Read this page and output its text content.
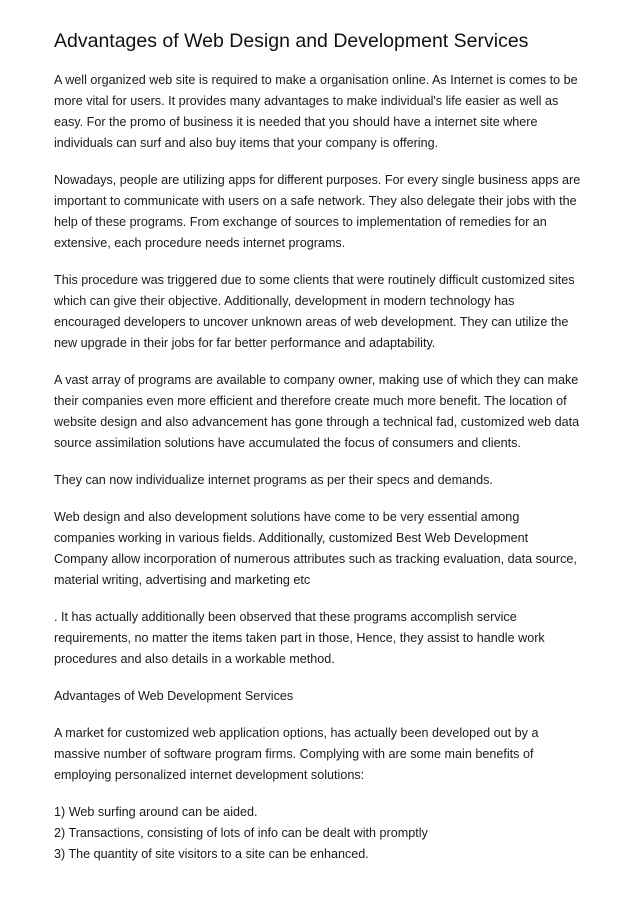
Advantages of Web Design and Development Services

A well organized web site is required to make a organisation online. As Internet is comes to be more vital for users. It provides many advantages to make individual's life easier as well as easy. For the promo of business it is needed that you should have a internet site where individuals can surf and also buy items that your company is offering.

Nowadays, people are utilizing apps for different purposes. For every single business apps are important to communicate with users on a safe network. They also delegate their jobs with the help of these programs. From exchange of sources to implementation of remedies for an extensive, each procedure needs internet programs.

This procedure was triggered due to some clients that were routinely difficult customized sites which can give their objective. Additionally, development in modern technology has encouraged developers to uncover unknown areas of web development. They can utilize the new upgrade in their jobs for far better performance and adaptability.

A vast array of programs are available to company owner, making use of which they can make their companies even more efficient and therefore create much more benefit. The location of website design and also advancement has gone through a technical fad, customized web data source assimilation solutions have accumulated the focus of consumers and clients.

They can now individualize internet programs as per their specs and demands.

Web design and also development solutions have come to be very essential among companies working in various fields. Additionally, customized Best Web Development Company allow incorporation of numerous attributes such as tracking evaluation, data source, material writing, advertising and marketing etc

. It has actually additionally been observed that these programs accomplish service requirements, no matter the items taken part in those, Hence, they assist to handle work procedures and also details in a workable method.

Advantages of Web Development Services

A market for customized web application options, has actually been developed out by a massive number of software program firms. Complying with are some main benefits of employing personalized internet development solutions:

1) Web surfing around can be aided.
2) Transactions, consisting of lots of info can be dealt with promptly
3) The quantity of site visitors to a site can be enhanced.
